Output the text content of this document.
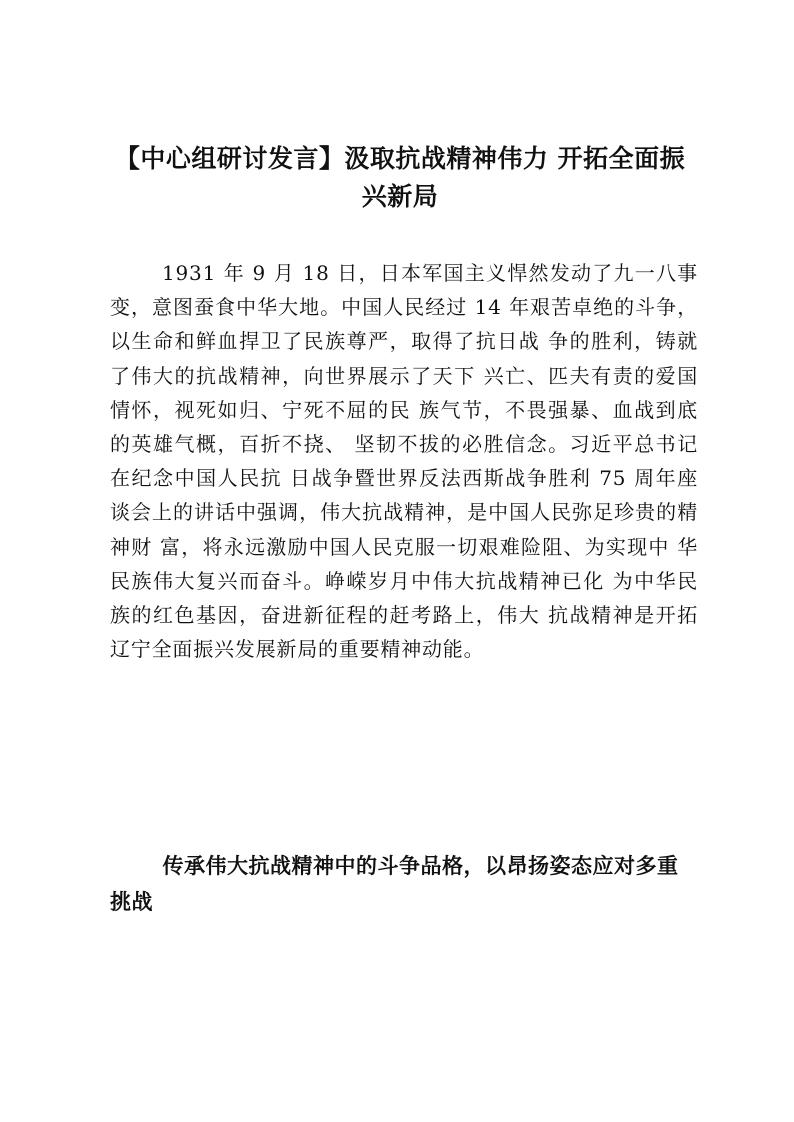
【中心组研讨发言】汲取抗战精神伟力 开拓全面振兴新局

1931 年 9 月 18 日，日本军国主义悍然发动了九一八事变，意图蚕食中华大地。中国人民经过 14 年艰苦卓绝的斗争，以生命和鲜血捍卫了民族尊严，取得了抗日战 争的胜利，铸就了伟大的抗战精神，向世界展示了天下 兴亡、匹夫有责的爱国情怀，视死如归、宁死不屈的民 族气节，不畏强暴、血战到底的英雄气概，百折不挠、 坚韧不拔的必胜信念。习近平总书记在纪念中国人民抗 日战争暨世界反法西斯战争胜利 75 周年座谈会上的讲话中强调，伟大抗战精神，是中国人民弥足珍贵的精神财 富，将永远激励中国人民克服一切艰难险阻、为实现中 华民族伟大复兴而奋斗。峥嵘岁月中伟大抗战精神已化 为中华民族的红色基因，奋进新征程的赶考路上，伟大 抗战精神是开拓辽宁全面振兴发展新局的重要精神动能。

传承伟大抗战精神中的斗争品格，以昂扬姿态应对多重挑战
